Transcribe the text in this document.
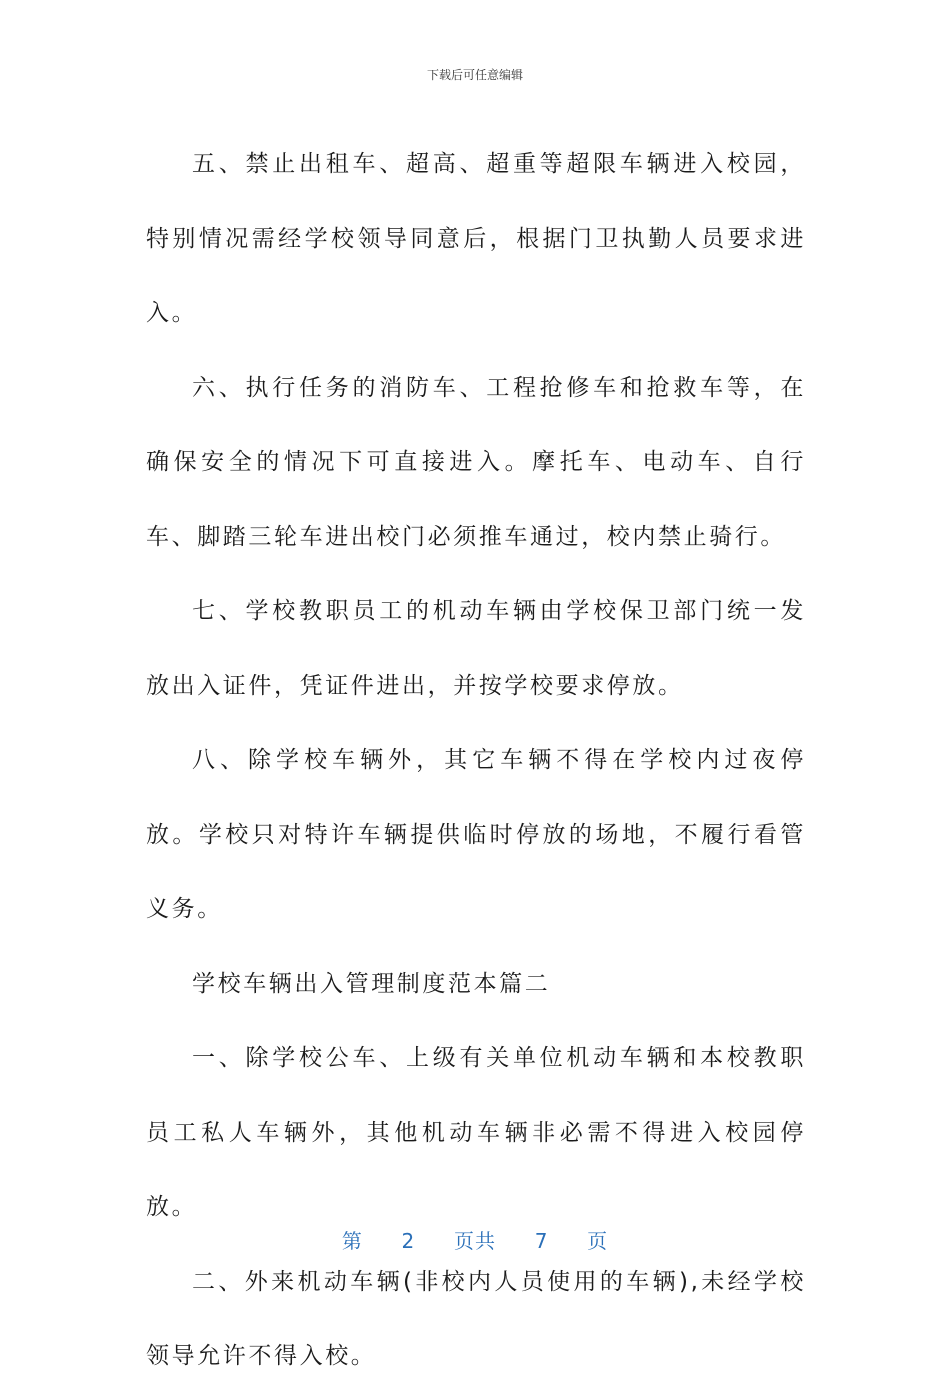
下载后可任意编辑

五、禁止出租车、超高、超重等超限车辆进入校园，特别情况需经学校领导同意后，根据门卫执勤人员要求进入。

六、执行任务的消防车、工程抢修车和抢救车等，在确保安全的情况下可直接进入。摩托车、电动车、自行车、脚踏三轮车进出校门必须推车通过，校内禁止骑行。

七、学校教职员工的机动车辆由学校保卫部门统一发放出入证件，凭证件进出，并按学校要求停放。

八、除学校车辆外，其它车辆不得在学校内过夜停放。学校只对特许车辆提供临时停放的场地，不履行看管义务。

学校车辆出入管理制度范本篇二

一、除学校公车、上级有关单位机动车辆和本校教职员工私人车辆外，其他机动车辆非必需不得进入校园停放。

二、外来机动车辆(非校内人员使用的车辆),未经学校领导允许不得入校。

第 2 页共 7 页
